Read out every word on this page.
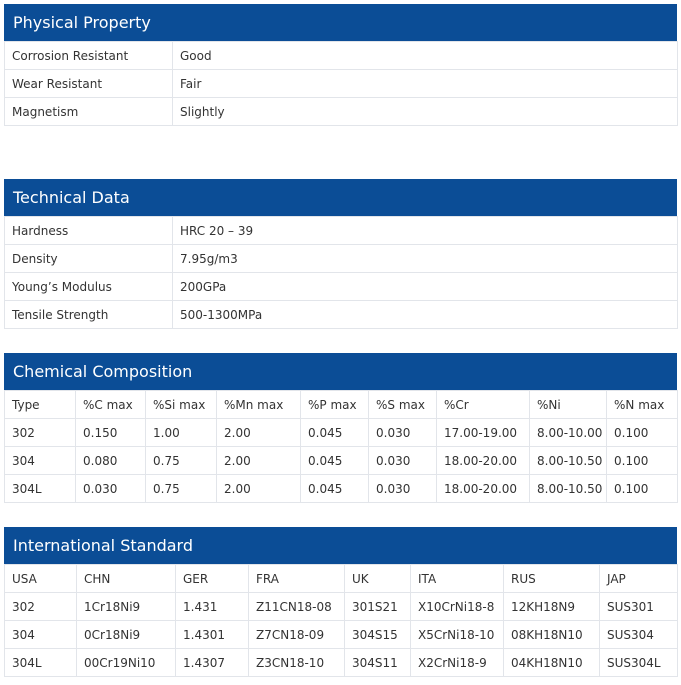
Physical Property
Corrosion Resistant	Good
Wear Resistant	Fair
Magnetism	Slightly
Technical Data
Hardness	HRC 20 – 39
Density	7.95g/m3
Young’s Modulus	200GPa
Tensile Strength	500-1300MPa
Chemical Composition
Type	%C max	%Si max	%Mn max	%P max	%S max	%Cr	%Ni	%N max
302	0.150	1.00	2.00	0.045	0.030	17.00-19.00	8.00-10.00	0.100
304	0.080	0.75	2.00	0.045	0.030	18.00-20.00	8.00-10.50	0.100
304L	0.030	0.75	2.00	0.045	0.030	18.00-20.00	8.00-10.50	0.100
International Standard
USA	CHN	GER	FRA	UK	ITA	RUS	JAP
302	1Cr18Ni9	1.431	Z11CN18-08	301S21	X10CrNi18-8	12KH18N9	SUS301
304	0Cr18Ni9	1.4301	Z7CN18-09	304S15	X5CrNi18-10	08KH18N10	SUS304
304L	00Cr19Ni10	1.4307	Z3CN18-10	304S11	X2CrNi18-9	04KH18N10	SUS304L
